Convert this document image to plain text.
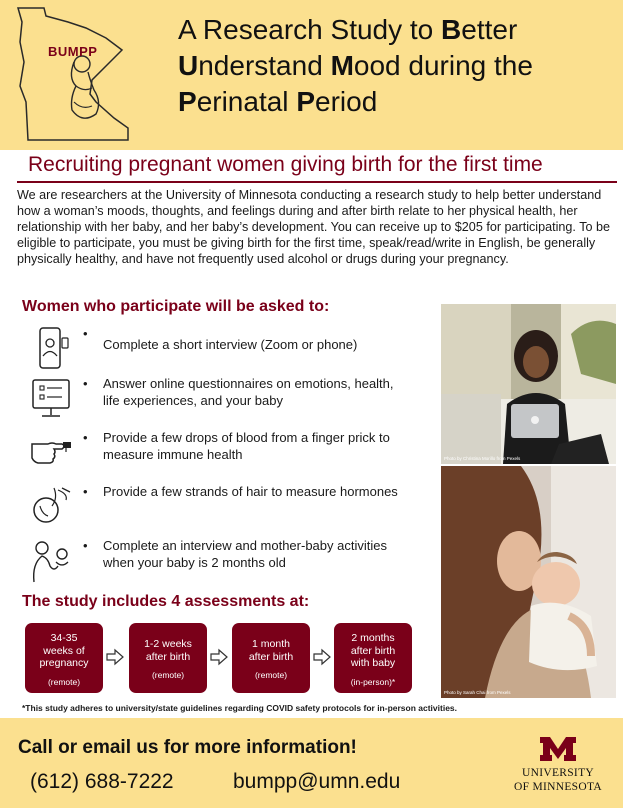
BUMPP
A Research Study to Better
Understand Mood during the
Perinatal Period
Recruiting pregnant women giving birth for the first time
We are researchers at the University of Minnesota conducting a research study to help better understand how a woman’s moods, thoughts, and feelings during and after birth relate to her physical health, her relationship with her baby, and her baby’s development. You can receive up to $205 for participating. To be eligible to participate, you must be giving birth for the first time, speak/read/write in English, be generally physically healthy, and have not frequently used alcohol or drugs during your pregnancy.
Women who participate will be asked to:
•
Complete a short interview (Zoom or phone)
• Answer online questionnaires on emotions, health, life experiences, and your baby
• Provide a few drops of blood from a finger prick to measure immune health
• Provide a few strands of hair to measure hormones
• Complete an interview and mother-baby activities when your baby is 2 months old
Photo by Christina Morillo from Pexels
Photo by Sarah Chai from Pexels
The study includes 4 assessments at:
34-35
weeks of
pregnancy
(remote)
1-2 weeks
after birth
(remote)
1 month
after birth
(remote)
2 months
after birth
with baby
(in-person)*
*This study adheres to university/state guidelines regarding COVID safety protocols for in-person activities.
Call or email us for more information!
(612) 688-7222	bumpp@umn.edu	UNIVERSITY
OF MINNESOTA
